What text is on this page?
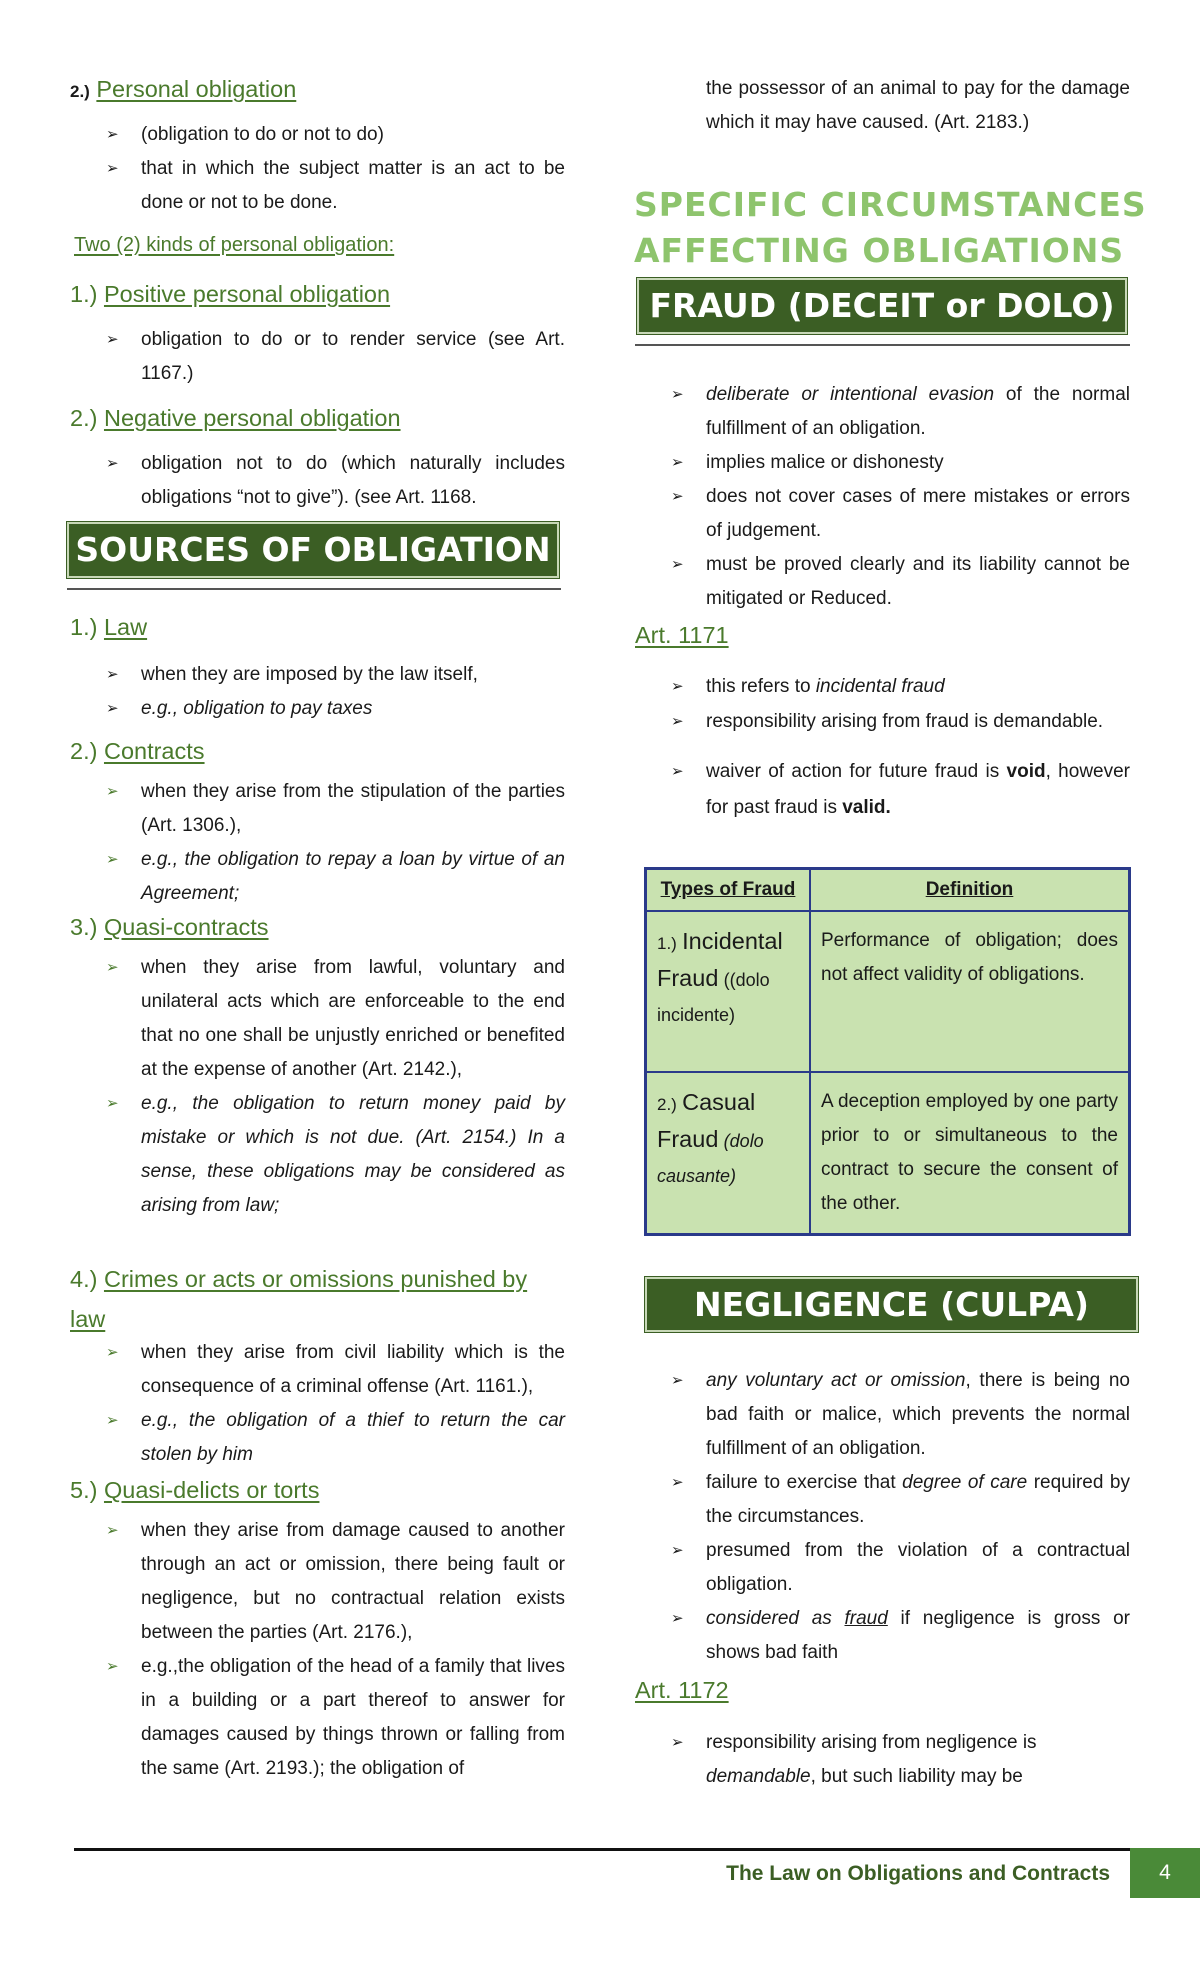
2.) Personal obligation
➢ (obligation to do or not to do)
➢ that in which the subject matter is an act to be done or not to be done.
Two (2) kinds of personal obligation:
1.) Positive personal obligation
➢ obligation to do or to render service (see Art. 1167.)
2.) Negative personal obligation
➢ obligation not to do (which naturally includes obligations “not to give”). (see Art. 1168.
SOURCES OF OBLIGATION
1.) Law
➢ when they are imposed by the law itself,
➢ e.g., obligation to pay taxes
2.) Contracts
➢ when they arise from the stipulation of the parties (Art. 1306.),
➢ e.g., the obligation to repay a loan by virtue of an Agreement;
3.) Quasi-contracts
➢ when they arise from lawful, voluntary and unilateral acts which are enforceable to the end that no one shall be unjustly enriched or benefited at the expense of another (Art. 2142.),
➢ e.g., the obligation to return money paid by mistake or which is not due. (Art. 2154.) In a sense, these obligations may be considered as arising from law;
4.) Crimes or acts or omissions punished by
law
➢ when they arise from civil liability which is the consequence of a criminal offense (Art. 1161.),
➢ e.g., the obligation of a thief to return the car stolen by him
5.) Quasi-delicts or torts
➢ when they arise from damage caused to another through an act or omission, there being fault or negligence, but no contractual relation exists between the parties (Art. 2176.),
➢ e.g.,the obligation of the head of a family that lives in a building or a part thereof to answer for damages caused by things thrown or falling from the same (Art. 2193.); the obligation of
the possessor of an animal to pay for the damage which it may have caused. (Art. 2183.)
SPECIFIC CIRCUMSTANCES
AFFECTING OBLIGATIONS
FRAUD (DECEIT or DOLO)
➢ deliberate or intentional evasion of the normal fulfillment of an obligation.
➢ implies malice or dishonesty
➢ does not cover cases of mere mistakes or errors of judgement.
➢ must be proved clearly and its liability cannot be mitigated or Reduced.
Art. 1171
➢ this refers to incidental fraud
➢ responsibility arising from fraud is demandable.
➢ waiver of action for future fraud is void, however for past fraud is valid.
Types of Fraud	Definition
1.) Incidental
Fraud ((dolo incidente)	Performance of obligation; does not affect validity of obligations.
2.) Casual
Fraud (dolo causante)	A deception employed by one party prior to or simultaneous to the contract to secure the consent of the other.
NEGLIGENCE (CULPA)
➢ any voluntary act or omission, there is being no bad faith or malice, which prevents the normal fulfillment of an obligation.
➢ failure to exercise that degree of care required by the circumstances.
➢ presumed from the violation of a contractual obligation.
➢ considered as fraud if negligence is gross or shows bad faith
Art. 1172
➢ responsibility arising from negligence is demandable, but such liability may be
The Law on Obligations and Contracts	4
